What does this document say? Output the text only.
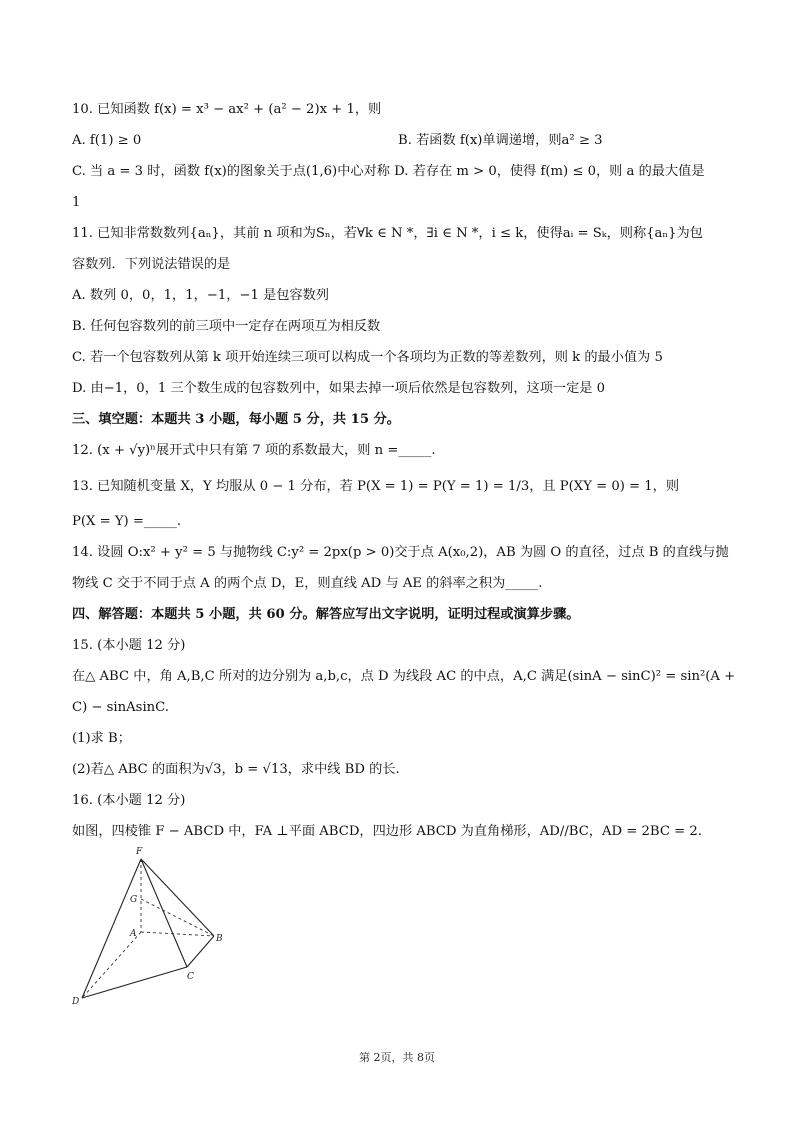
10. 已知函数 f(x) = x³ − ax² + (a² − 2)x + 1，则
A. f(1) ≥ 0	B. 若函数 f(x)单调递增，则a² ≥ 3
C. 当 a = 3 时，函数 f(x)的图象关于点(1,6)中心对称 D. 若存在 m > 0，使得 f(m) ≤ 0，则 a 的最大值是
1
11. 已知非常数数列{aₙ}，其前 n 项和为Sₙ，若∀k ∈ N *，∃i ∈ N *，i ≤ k，使得aᵢ = Sₖ，则称{aₙ}为包
容数列．下列说法错误的是
A. 数列 0，0，1，1，−1，−1 是包容数列
B. 任何包容数列的前三项中一定存在两项互为相反数
C. 若一个包容数列从第 k 项开始连续三项可以构成一个各项均为正数的等差数列，则 k 的最小值为 5
D. 由−1，0，1 三个数生成的包容数列中，如果去掉一项后依然是包容数列，这项一定是 0
三、填空题：本题共 3 小题，每小题 5 分，共 15 分。
12. (x + √y)ⁿ展开式中只有第 7 项的系数最大，则 n =_____.
13. 已知随机变量 X，Y 均服从 0 − 1 分布，若 P(X = 1) = P(Y = 1) = 1/3，且 P(XY = 0) = 1，则
P(X = Y) =_____.
14. 设圆 O:x² + y² = 5 与抛物线 C:y² = 2px(p > 0)交于点 A(x₀,2)，AB 为圆 O 的直径，过点 B 的直线与抛
物线 C 交于不同于点 A 的两个点 D，E，则直线 AD 与 AE 的斜率之积为_____.
四、解答题：本题共 5 小题，共 60 分。解答应写出文字说明，证明过程或演算步骤。
15. (本小题 12 分)
在△ ABC 中，角 A,B,C 所对的边分别为 a,b,c，点 D 为线段 AC 的中点，A,C 满足(sinA − sinC)² = sin²(A +
C) − sinAsinC.
(1)求 B；
(2)若△ ABC 的面积为√3，b = √13，求中线 BD 的长.
16. (本小题 12 分)
如图，四棱锥 F − ABCD 中，FA ⊥平面 ABCD，四边形 ABCD 为直角梯形，AD//BC，AD = 2BC = 2.
F
G
A	B
C
D
第 2页，共 8页
